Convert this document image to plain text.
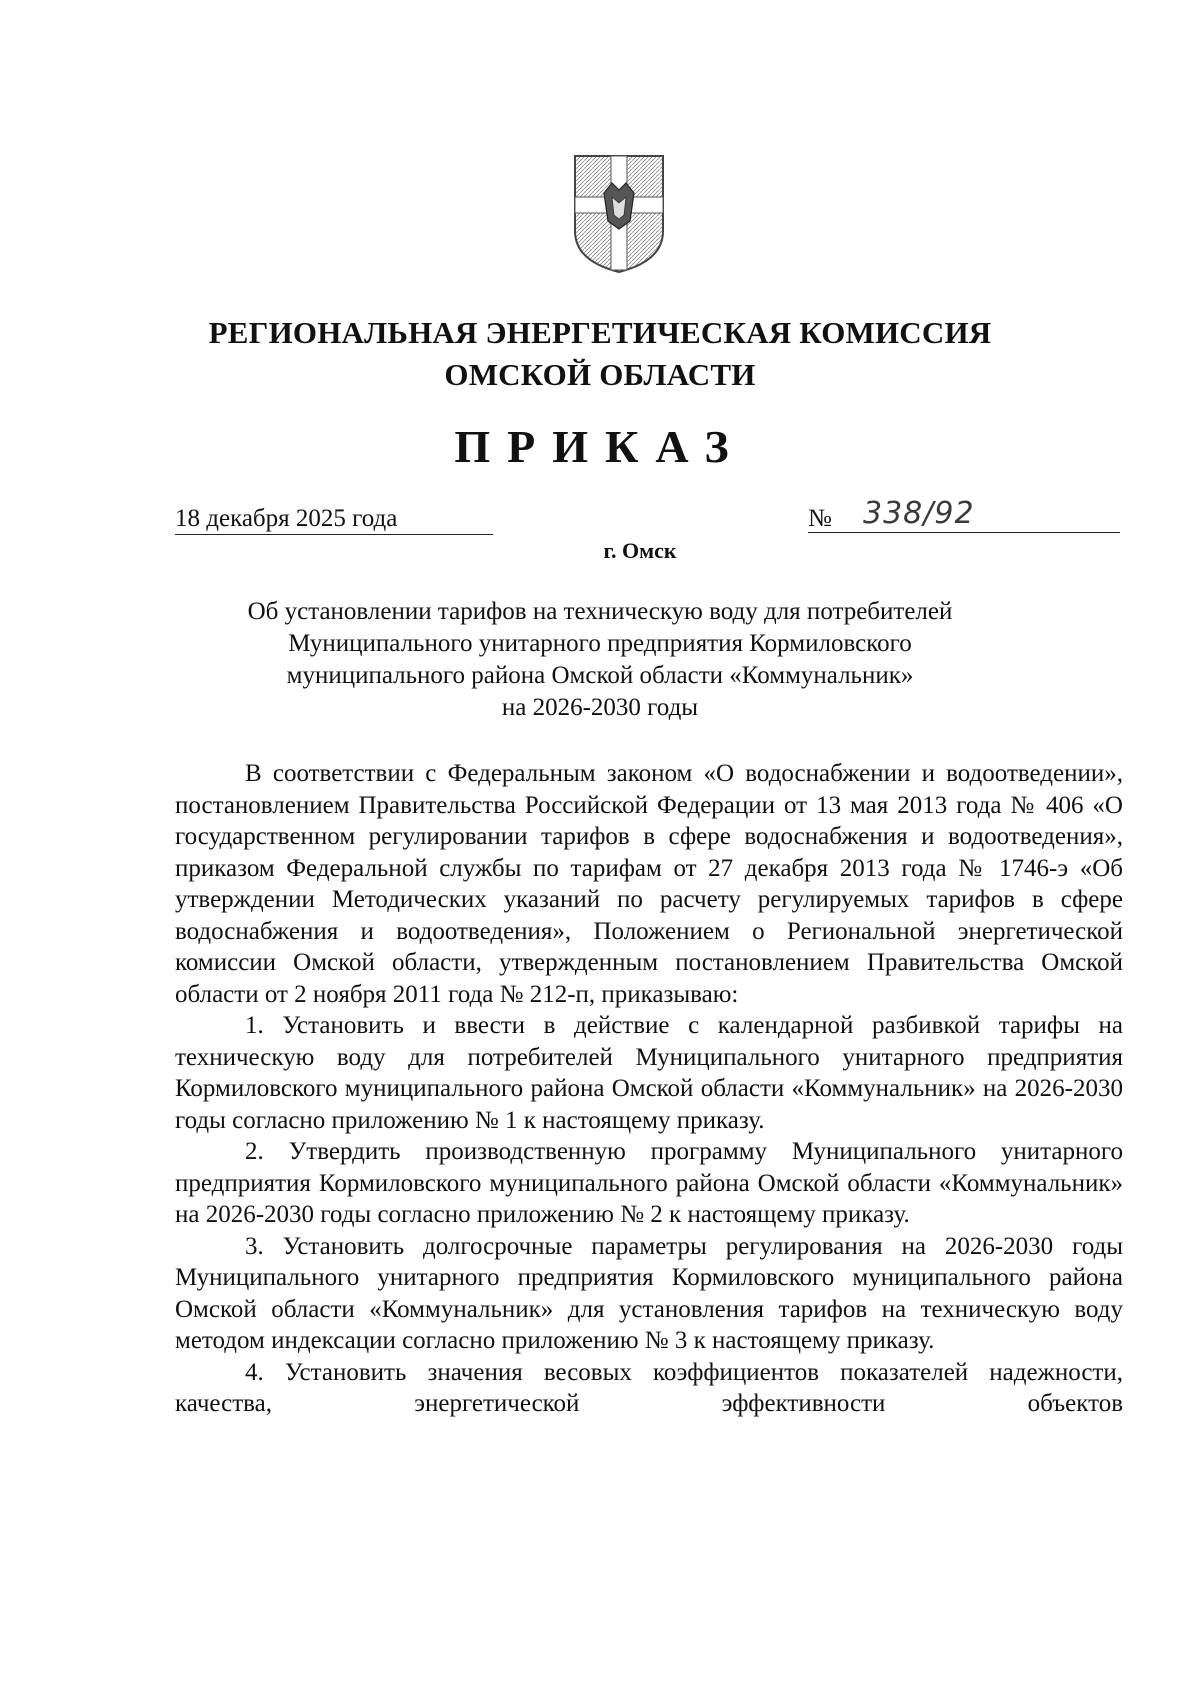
РЕГИОНАЛЬНАЯ ЭНЕРГЕТИЧЕСКАЯ КОМИССИЯ
ОМСКОЙ ОБЛАСТИ
ПРИКАЗ
18 декабря 2025 года	№ 338/92
г. Омск
Об установлении тарифов на техническую воду для потребителей
Муниципального унитарного предприятия Кормиловского
муниципального района Омской области «Коммунальник»
на 2026-2030 годы

В соответствии с Федеральным законом «О водоснабжении и водоотведении», постановлением Правительства Российской Федерации от 13 мая 2013 года № 406 «О государственном регулировании тарифов в сфере водоснабжения и водоотведения», приказом Федеральной службы по тарифам от 27 декабря 2013 года № 1746-э «Об утверждении Методических указаний по расчету регулируемых тарифов в сфере водоснабжения и водоотведения», Положением о Региональной энергетической комиссии Омской области, утвержденным постановлением Правительства Омской области от 2 ноября 2011 года № 212-п, приказываю:

1. Установить и ввести в действие с календарной разбивкой тарифы на техническую воду для потребителей Муниципального унитарного предприятия Кормиловского муниципального района Омской области «Коммунальник» на 2026-2030 годы согласно приложению № 1 к настоящему приказу.

2. Утвердить производственную программу Муниципального унитарного предприятия Кормиловского муниципального района Омской области «Коммунальник» на 2026-2030 годы согласно приложению № 2 к настоящему приказу.

3. Установить долгосрочные параметры регулирования на 2026-2030 годы Муниципального унитарного предприятия Кормиловского муниципального района Омской области «Коммунальник» для установления тарифов на техническую воду методом индексации согласно приложению № 3 к настоящему приказу.

4. Установить значения весовых коэффициентов показателей надежности, качества, энергетической эффективности объектов
